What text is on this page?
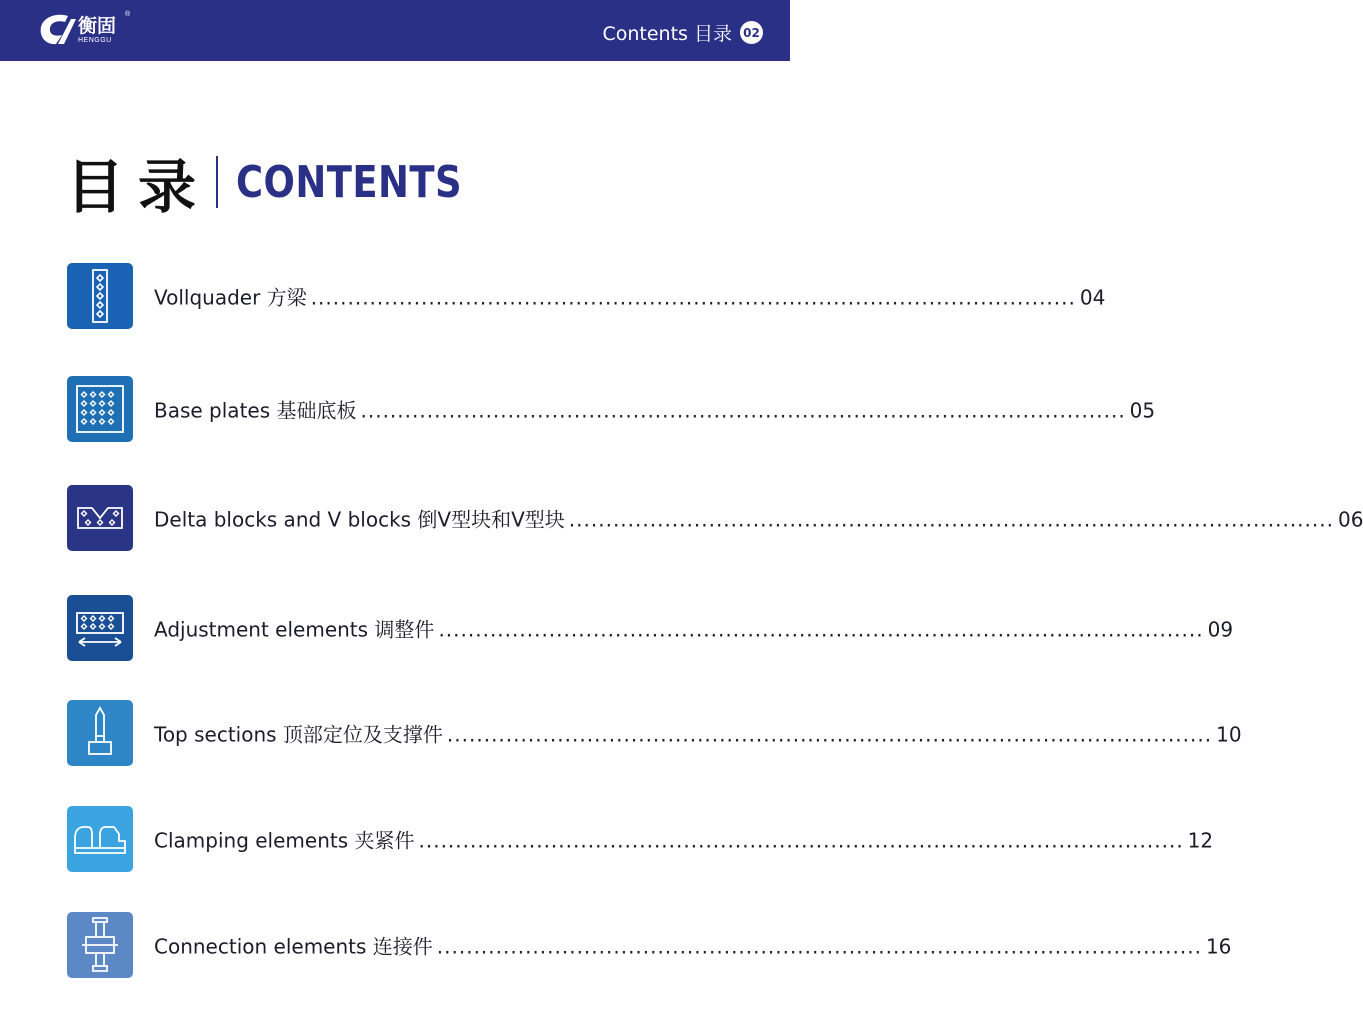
衡固
HENGGU
®
Contents 目录 02
目录 CONTENTS
Vollquader 方梁 ........................................................................................................ 04
Base plates 基础底板 ........................................................................................................ 05
Delta blocks and V blocks 倒V型块和V型块 ........................................................................................................ 06
Adjustment elements 调整件 ........................................................................................................ 09
Top sections 顶部定位及支撑件 ........................................................................................................ 10
Clamping elements 夹紧件 ........................................................................................................ 12
Connection elements 连接件 ........................................................................................................ 16
